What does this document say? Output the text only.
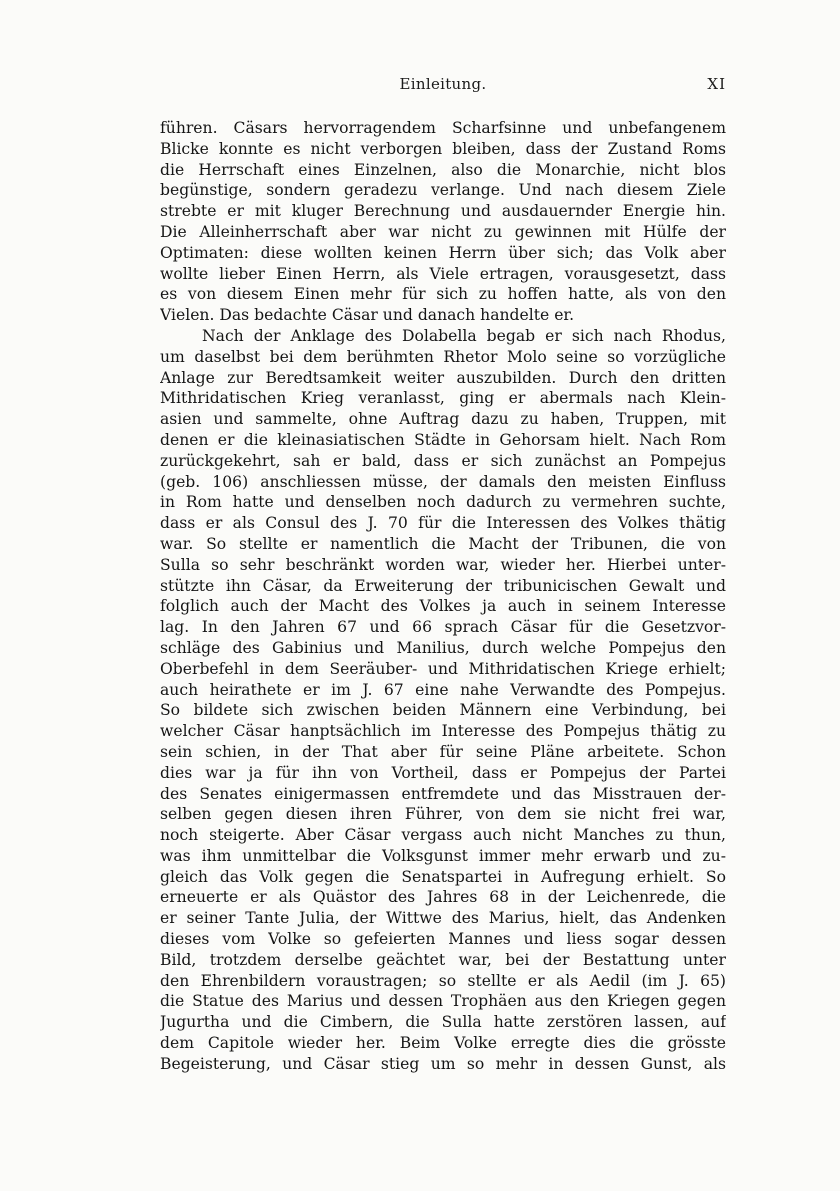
Einleitung.	XI
führen. Cäsars hervorragendem Scharfsinne und unbefangenem
Blicke konnte es nicht verborgen bleiben, dass der Zustand Roms
die Herrschaft eines Einzelnen, also die Monarchie, nicht blos
begünstige, sondern geradezu verlange. Und nach diesem Ziele
strebte er mit kluger Berechnung und ausdauernder Energie hin.
Die Alleinherrschaft aber war nicht zu gewinnen mit Hülfe der
Optimaten: diese wollten keinen Herrn über sich; das Volk aber
wollte lieber Einen Herrn, als Viele ertragen, vorausgesetzt, dass
es von diesem Einen mehr für sich zu hoffen hatte, als von den
Vielen. Das bedachte Cäsar und danach handelte er.
Nach der Anklage des Dolabella begab er sich nach Rhodus,
um daselbst bei dem berühmten Rhetor Molo seine so vorzügliche
Anlage zur Beredtsamkeit weiter auszubilden. Durch den dritten
Mithridatischen Krieg veranlasst, ging er abermals nach Klein-
asien und sammelte, ohne Auftrag dazu zu haben, Truppen, mit
denen er die kleinasiatischen Städte in Gehorsam hielt. Nach Rom
zurückgekehrt, sah er bald, dass er sich zunächst an Pompejus
(geb. 106) anschliessen müsse, der damals den meisten Einfluss
in Rom hatte und denselben noch dadurch zu vermehren suchte,
dass er als Consul des J. 70 für die Interessen des Volkes thätig
war. So stellte er namentlich die Macht der Tribunen, die von
Sulla so sehr beschränkt worden war, wieder her. Hierbei unter-
stützte ihn Cäsar, da Erweiterung der tribunicischen Gewalt und
folglich auch der Macht des Volkes ja auch in seinem Interesse
lag. In den Jahren 67 und 66 sprach Cäsar für die Gesetzvor-
schläge des Gabinius und Manilius, durch welche Pompejus den
Oberbefehl in dem Seeräuber- und Mithridatischen Kriege erhielt;
auch heirathete er im J. 67 eine nahe Verwandte des Pompejus.
So bildete sich zwischen beiden Männern eine Verbindung, bei
welcher Cäsar hanptsächlich im Interesse des Pompejus thätig zu
sein schien, in der That aber für seine Pläne arbeitete. Schon
dies war ja für ihn von Vortheil, dass er Pompejus der Partei
des Senates einigermassen entfremdete und das Misstrauen der-
selben gegen diesen ihren Führer, von dem sie nicht frei war,
noch steigerte. Aber Cäsar vergass auch nicht Manches zu thun,
was ihm unmittelbar die Volksgunst immer mehr erwarb und zu-
gleich das Volk gegen die Senatspartei in Aufregung erhielt. So
erneuerte er als Quästor des Jahres 68 in der Leichenrede, die
er seiner Tante Julia, der Wittwe des Marius, hielt, das Andenken
dieses vom Volke so gefeierten Mannes und liess sogar dessen
Bild, trotzdem derselbe geächtet war, bei der Bestattung unter
den Ehrenbildern voraustragen; so stellte er als Aedil (im J. 65)
die Statue des Marius und dessen Trophäen aus den Kriegen gegen
Jugurtha und die Cimbern, die Sulla hatte zerstören lassen, auf
dem Capitole wieder her. Beim Volke erregte dies die grösste
Begeisterung, und Cäsar stieg um so mehr in dessen Gunst, als
